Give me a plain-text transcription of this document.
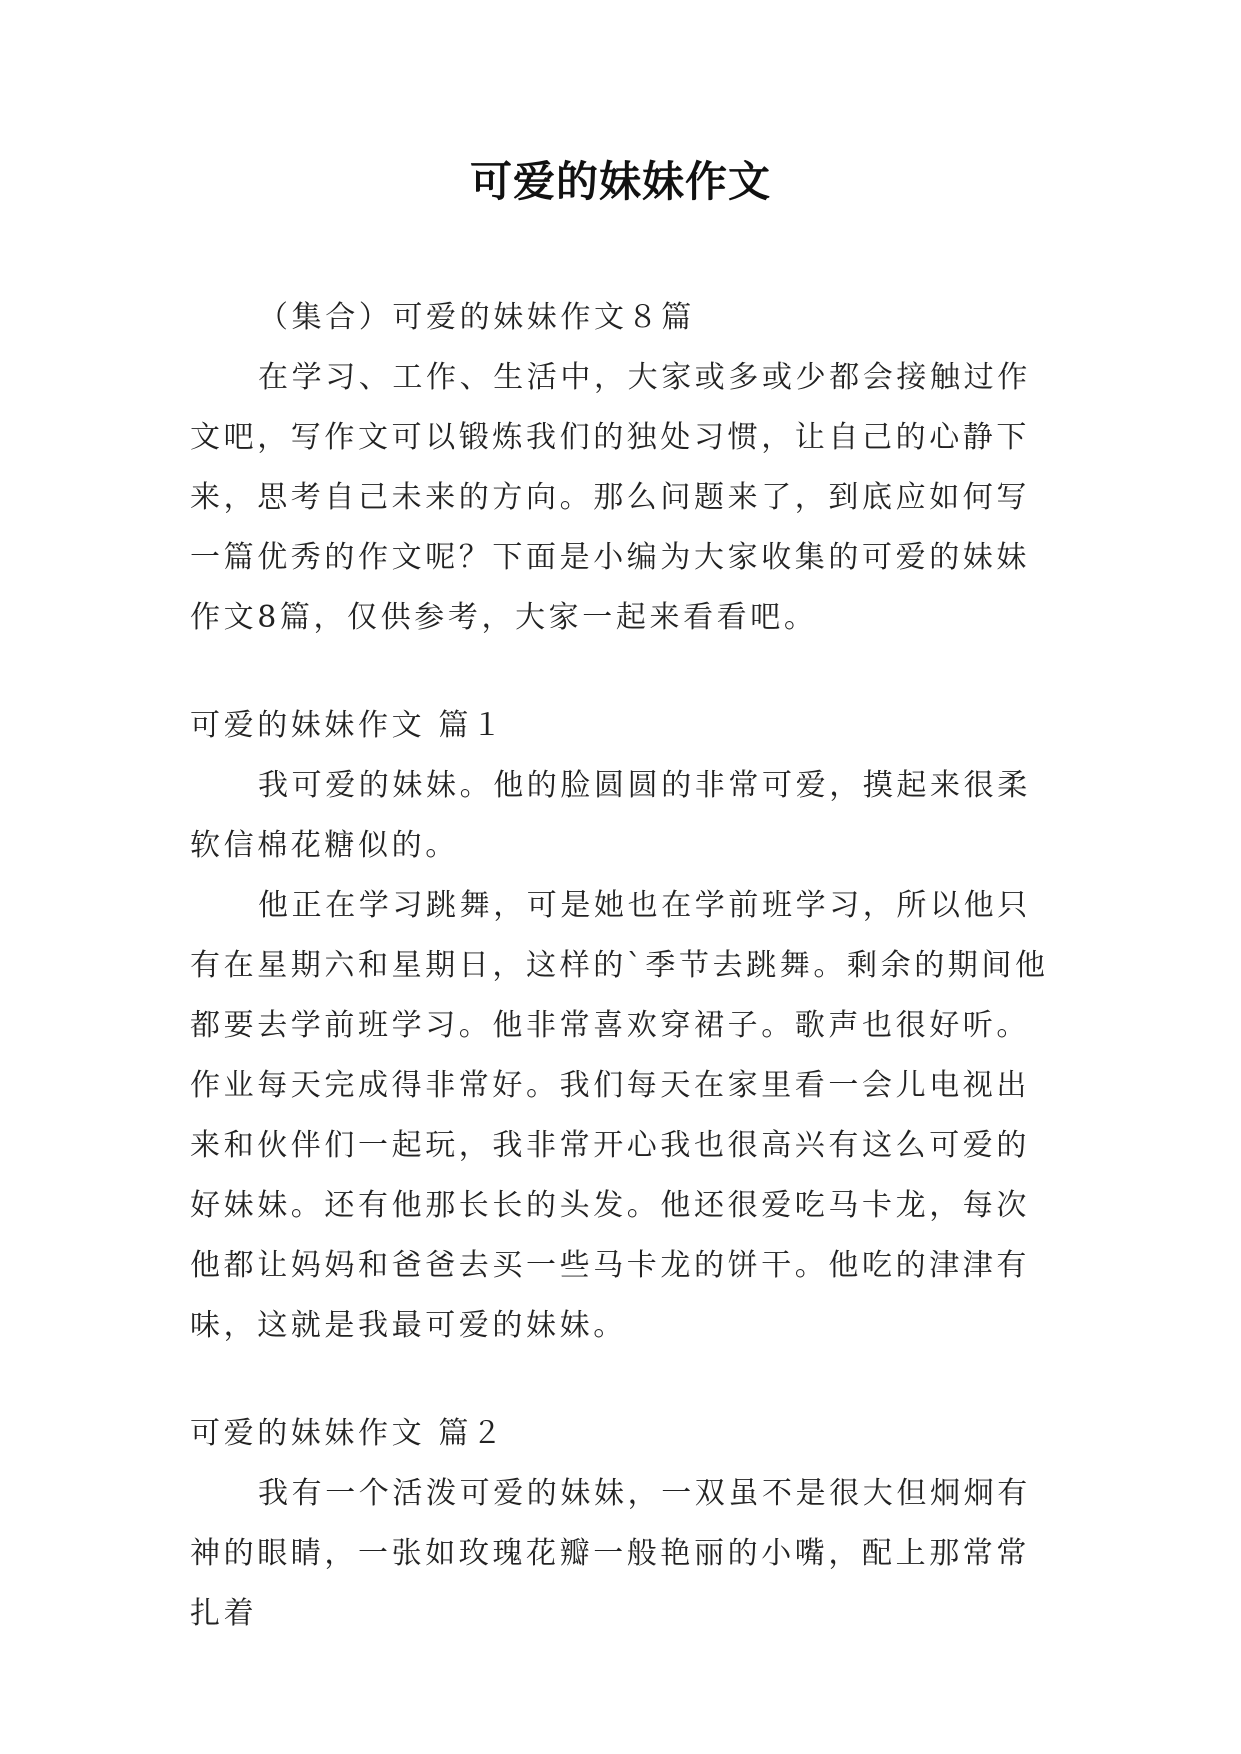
可爱的妹妹作文

（集合）可爱的妹妹作文８篇

在学习、工作、生活中，大家或多或少都会接触过作文吧，写作文可以锻炼我们的独处习惯，让自己的心静下来，思考自己未来的方向。那么问题来了，到底应如何写一篇优秀的作文呢？下面是小编为大家收集的可爱的妹妹作文8篇，仅供参考，大家一起来看看吧。

可爱的妹妹作文 篇１

我可爱的妹妹。他的脸圆圆的非常可爱，摸起来很柔软信棉花糖似的。

他正在学习跳舞，可是她也在学前班学习，所以他只有在星期六和星期日，这样的`季节去跳舞。剩余的期间他都要去学前班学习。他非常喜欢穿裙子。歌声也很好听。作业每天完成得非常好。我们每天在家里看一会儿电视出来和伙伴们一起玩，我非常开心我也很高兴有这么可爱的好妹妹。还有他那长长的头发。他还很爱吃马卡龙，每次他都让妈妈和爸爸去买一些马卡龙的饼干。他吃的津津有味，这就是我最可爱的妹妹。

可爱的妹妹作文 篇２

我有一个活泼可爱的妹妹，一双虽不是很大但炯炯有神的眼睛，一张如玫瑰花瓣一般艳丽的小嘴，配上那常常扎着
